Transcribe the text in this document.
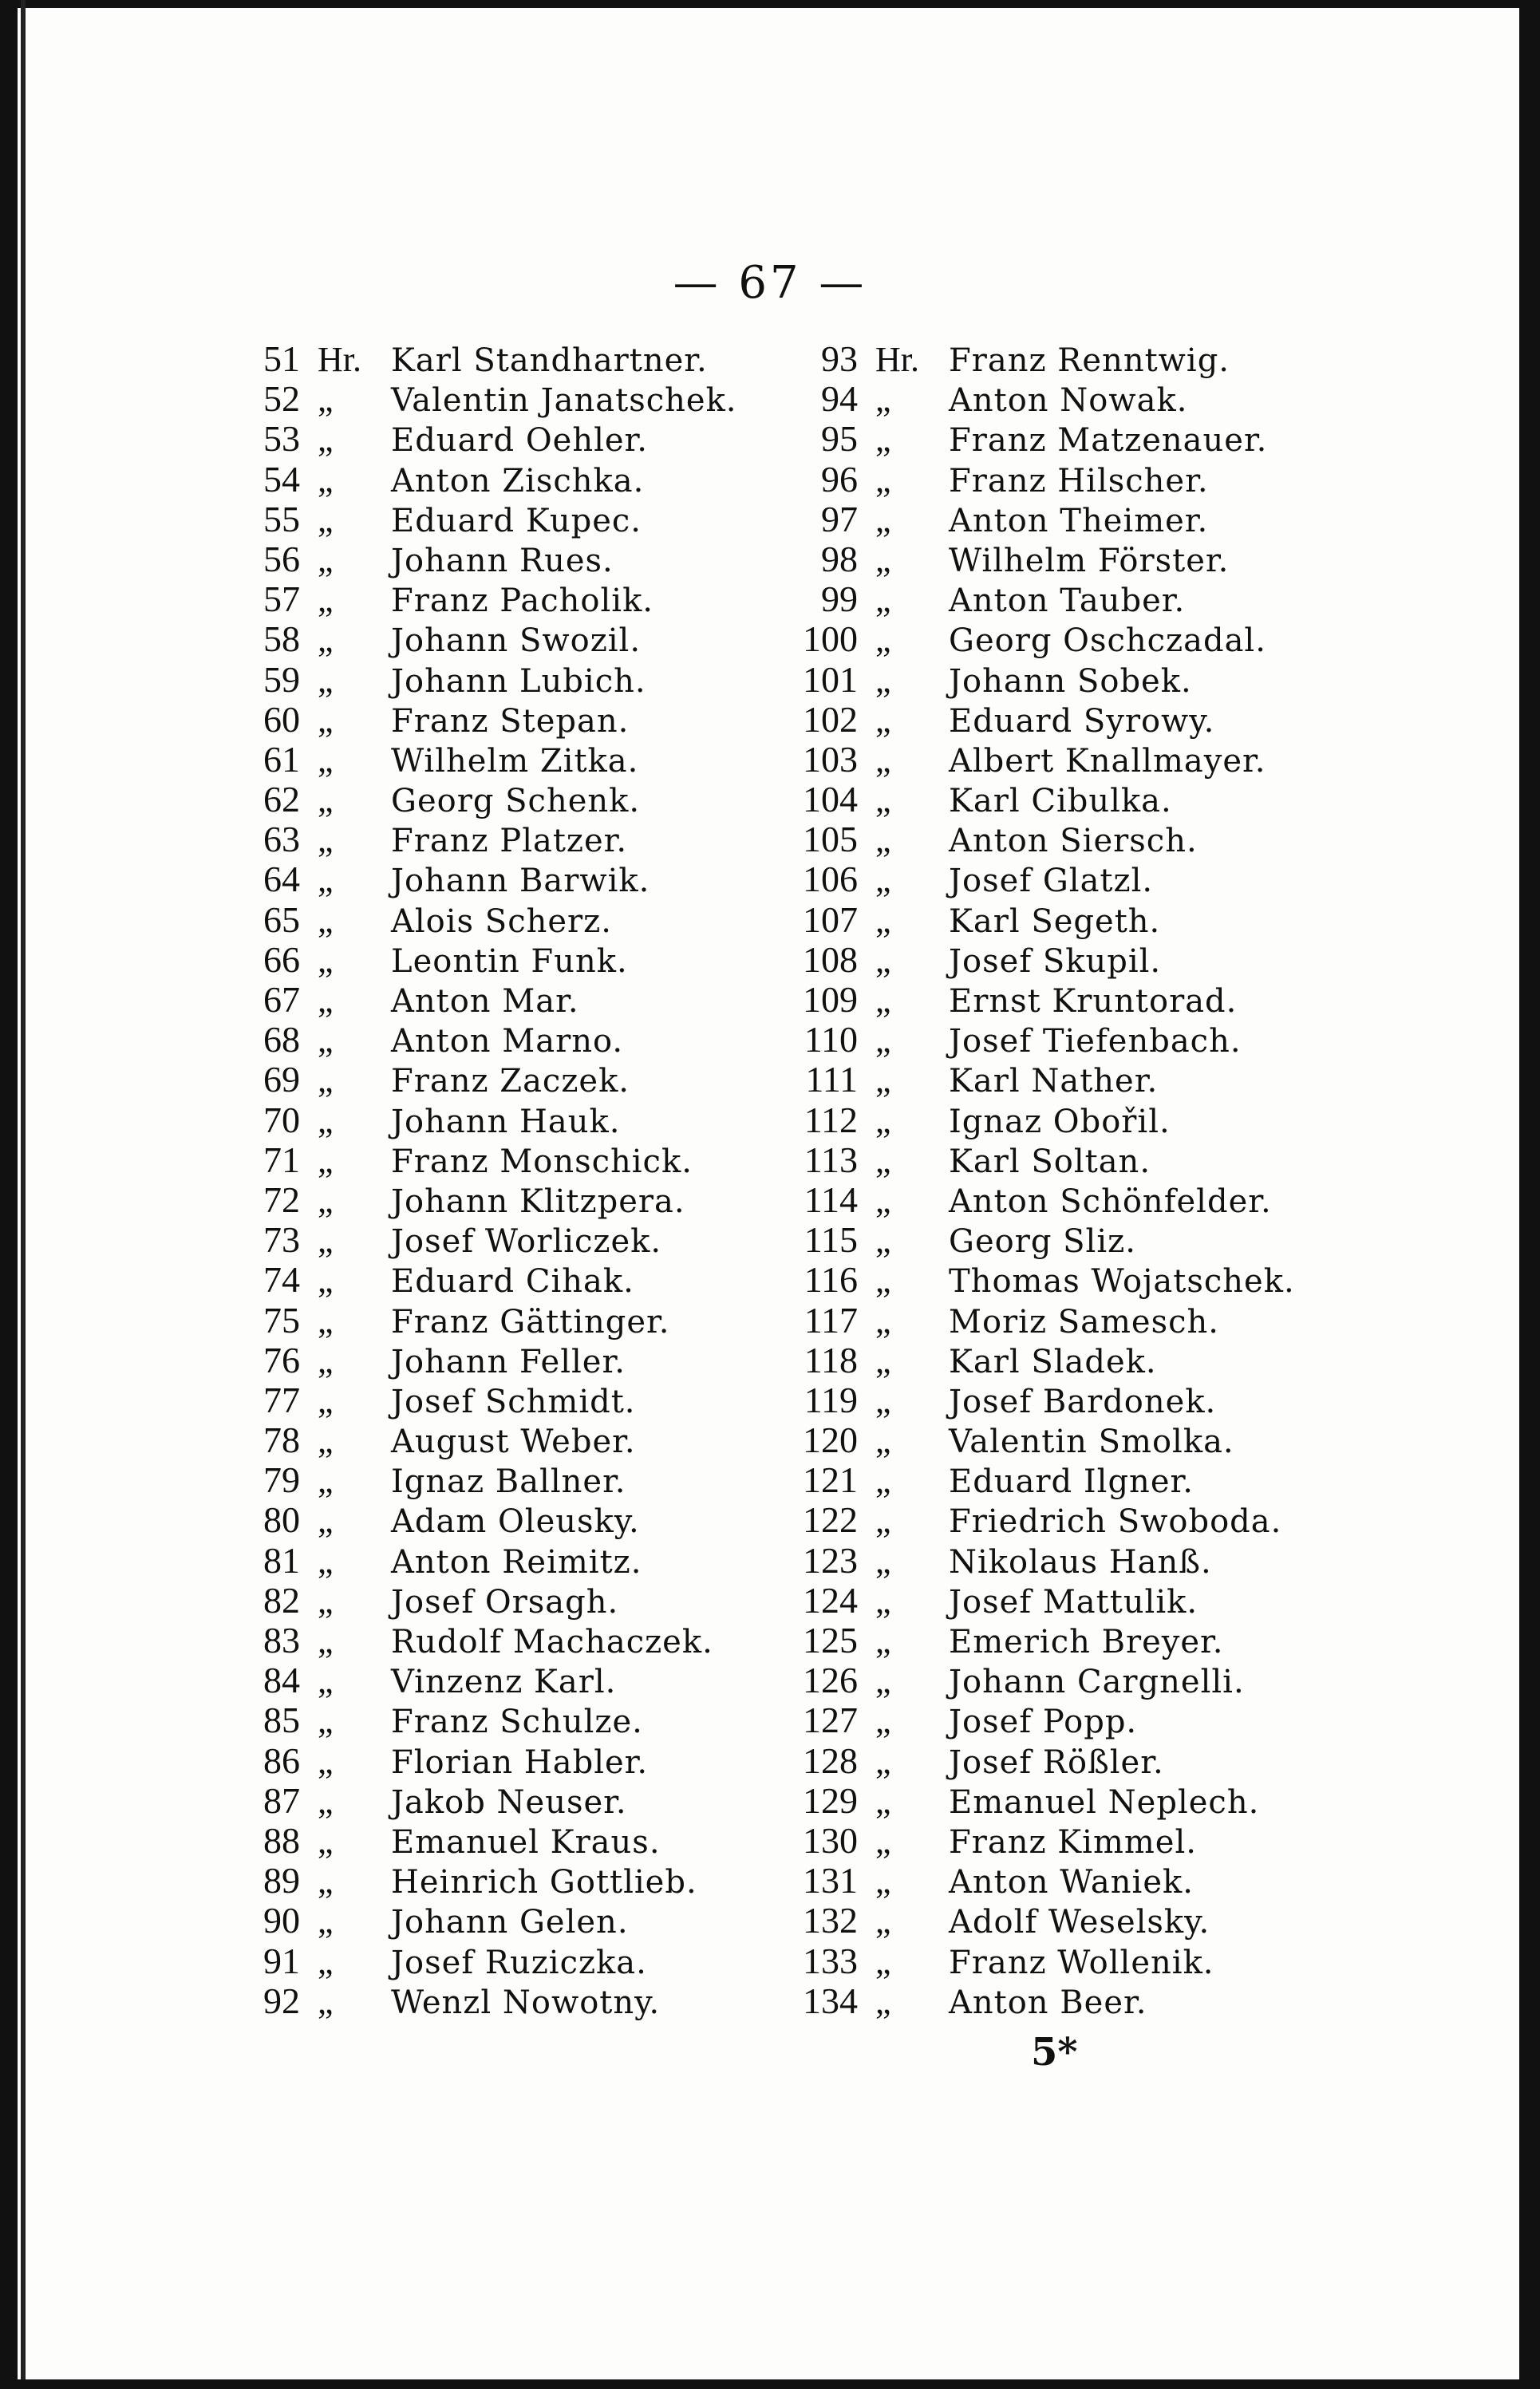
— 67 —
51 Hr. Karl Standhartner.
52 „ Valentin Janatschek.
53 „ Eduard Oehler.
54 „ Anton Zischka.
55 „ Eduard Kupec.
56 „ Johann Rues.
57 „ Franz Pacholik.
58 „ Johann Swozil.
59 „ Johann Lubich.
60 „ Franz Stepan.
61 „ Wilhelm Zitka.
62 „ Georg Schenk.
63 „ Franz Platzer.
64 „ Johann Barwik.
65 „ Alois Scherz.
66 „ Leontin Funk.
67 „ Anton Mar.
68 „ Anton Marno.
69 „ Franz Zaczek.
70 „ Johann Hauk.
71 „ Franz Monschick.
72 „ Johann Klitzpera.
73 „ Josef Worliczek.
74 „ Eduard Cihak.
75 „ Franz Gättinger.
76 „ Johann Feller.
77 „ Josef Schmidt.
78 „ August Weber.
79 „ Ignaz Ballner.
80 „ Adam Oleusky.
81 „ Anton Reimitz.
82 „ Josef Orsagh.
83 „ Rudolf Machaczek.
84 „ Vinzenz Karl.
85 „ Franz Schulze.
86 „ Florian Habler.
87 „ Jakob Neuser.
88 „ Emanuel Kraus.
89 „ Heinrich Gottlieb.
90 „ Johann Gelen.
91 „ Josef Ruziczka.
92 „ Wenzl Nowotny.
93 Hr. Franz Renntwig.
94 „ Anton Nowak.
95 „ Franz Matzenauer.
96 „ Franz Hilscher.
97 „ Anton Theimer.
98 „ Wilhelm Förster.
99 „ Anton Tauber.
100 „ Georg Oschczadal.
101 „ Johann Sobek.
102 „ Eduard Syrowy.
103 „ Albert Knallmayer.
104 „ Karl Cibulka.
105 „ Anton Siersch.
106 „ Josef Glatzl.
107 „ Karl Segeth.
108 „ Josef Skupil.
109 „ Ernst Kruntorad.
110 „ Josef Tiefenbach.
111 „ Karl Nather.
112 „ Ignaz Obořil.
113 „ Karl Soltan.
114 „ Anton Schönfelder.
115 „ Georg Sliz.
116 „ Thomas Wojatschek.
117 „ Moriz Samesch.
118 „ Karl Sladek.
119 „ Josef Bardonek.
120 „ Valentin Smolka.
121 „ Eduard Ilgner.
122 „ Friedrich Swoboda.
123 „ Nikolaus Hanß.
124 „ Josef Mattulik.
125 „ Emerich Breyer.
126 „ Johann Cargnelli.
127 „ Josef Popp.
128 „ Josef Rößler.
129 „ Emanuel Neplech.
130 „ Franz Kimmel.
131 „ Anton Waniek.
132 „ Adolf Weselsky.
133 „ Franz Wollenik.
134 „ Anton Beer.
5*
